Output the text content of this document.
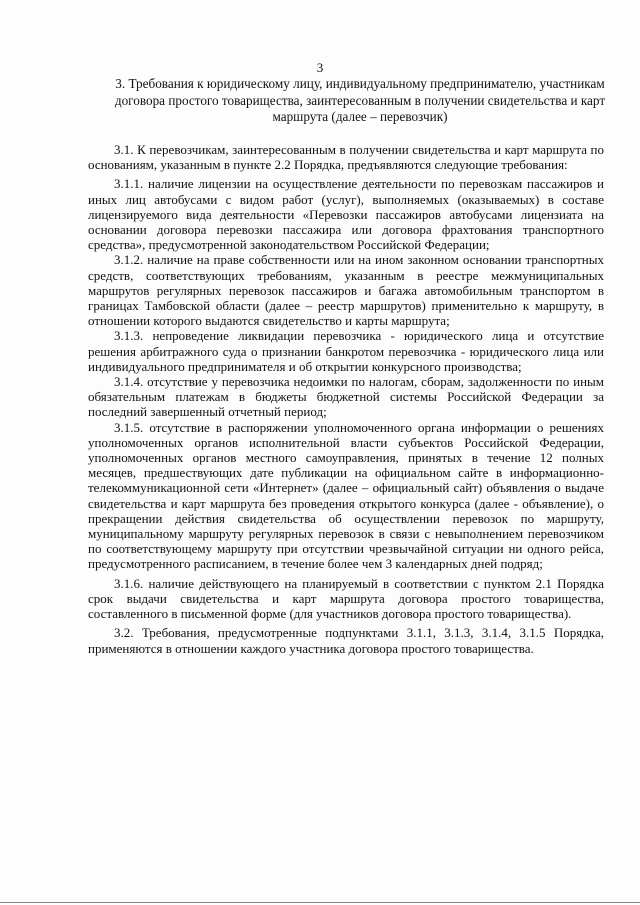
3
3. Требования к юридическому лицу, индивидуальному предпринимателю, участникам договора простого товарищества, заинтересованным в получении свидетельства и карт маршрута (далее – перевозчик)

3.1. К перевозчикам, заинтересованным в получении свидетельства и карт маршрута по основаниям, указанным в пункте 2.2 Порядка, предъявляются следующие требования:

3.1.1. наличие лицензии на осуществление деятельности по перевозкам пассажиров и иных лиц автобусами с видом работ (услуг), выполняемых (оказываемых) в составе лицензируемого вида деятельности «Перевозки пассажиров автобусами лицензиата на основании договора перевозки пассажира или договора фрахтования транспортного средства», предусмотренной законодательством Российской Федерации;

3.1.2. наличие на праве собственности или на ином законном основании транспортных средств, соответствующих требованиям, указанным в реестре межмуниципальных маршрутов регулярных перевозок пассажиров и багажа автомобильным транспортом в границах Тамбовской области (далее – реестр маршрутов) применительно к маршруту, в отношении которого выдаются свидетельство и карты маршрута;

3.1.3. непроведение ликвидации перевозчика - юридического лица и отсутствие решения арбитражного суда о признании банкротом перевозчика - юридического лица или индивидуального предпринимателя и об открытии конкурсного производства;

3.1.4. отсутствие у перевозчика недоимки по налогам, сборам, задолженности по иным обязательным платежам в бюджеты бюджетной системы Российской Федерации за последний завершенный отчетный период;

3.1.5. отсутствие в распоряжении уполномоченного органа информации о решениях уполномоченных органов исполнительной власти субъектов Российской Федерации, уполномоченных органов местного самоуправления, принятых в течение 12 полных месяцев, предшествующих дате публикации на официальном сайте в информационно-телекоммуникационной сети «Интернет» (далее – официальный сайт) объявления о выдаче свидетельства и карт маршрута без проведения открытого конкурса (далее - объявление), о прекращении действия свидетельства об осуществлении перевозок по маршруту, муниципальному маршруту регулярных перевозок в связи с невыполнением перевозчиком по соответствующему маршруту при отсутствии чрезвычайной ситуации ни одного рейса, предусмотренного расписанием, в течение более чем 3 календарных дней подряд;

3.1.6. наличие действующего на планируемый в соответствии с пунктом 2.1 Порядка срок выдачи свидетельства и карт маршрута договора простого товарищества, составленного в письменной форме (для участников договора простого товарищества).

3.2. Требования, предусмотренные подпунктами 3.1.1, 3.1.3, 3.1.4, 3.1.5 Порядка, применяются в отношении каждого участника договора простого товарищества.
